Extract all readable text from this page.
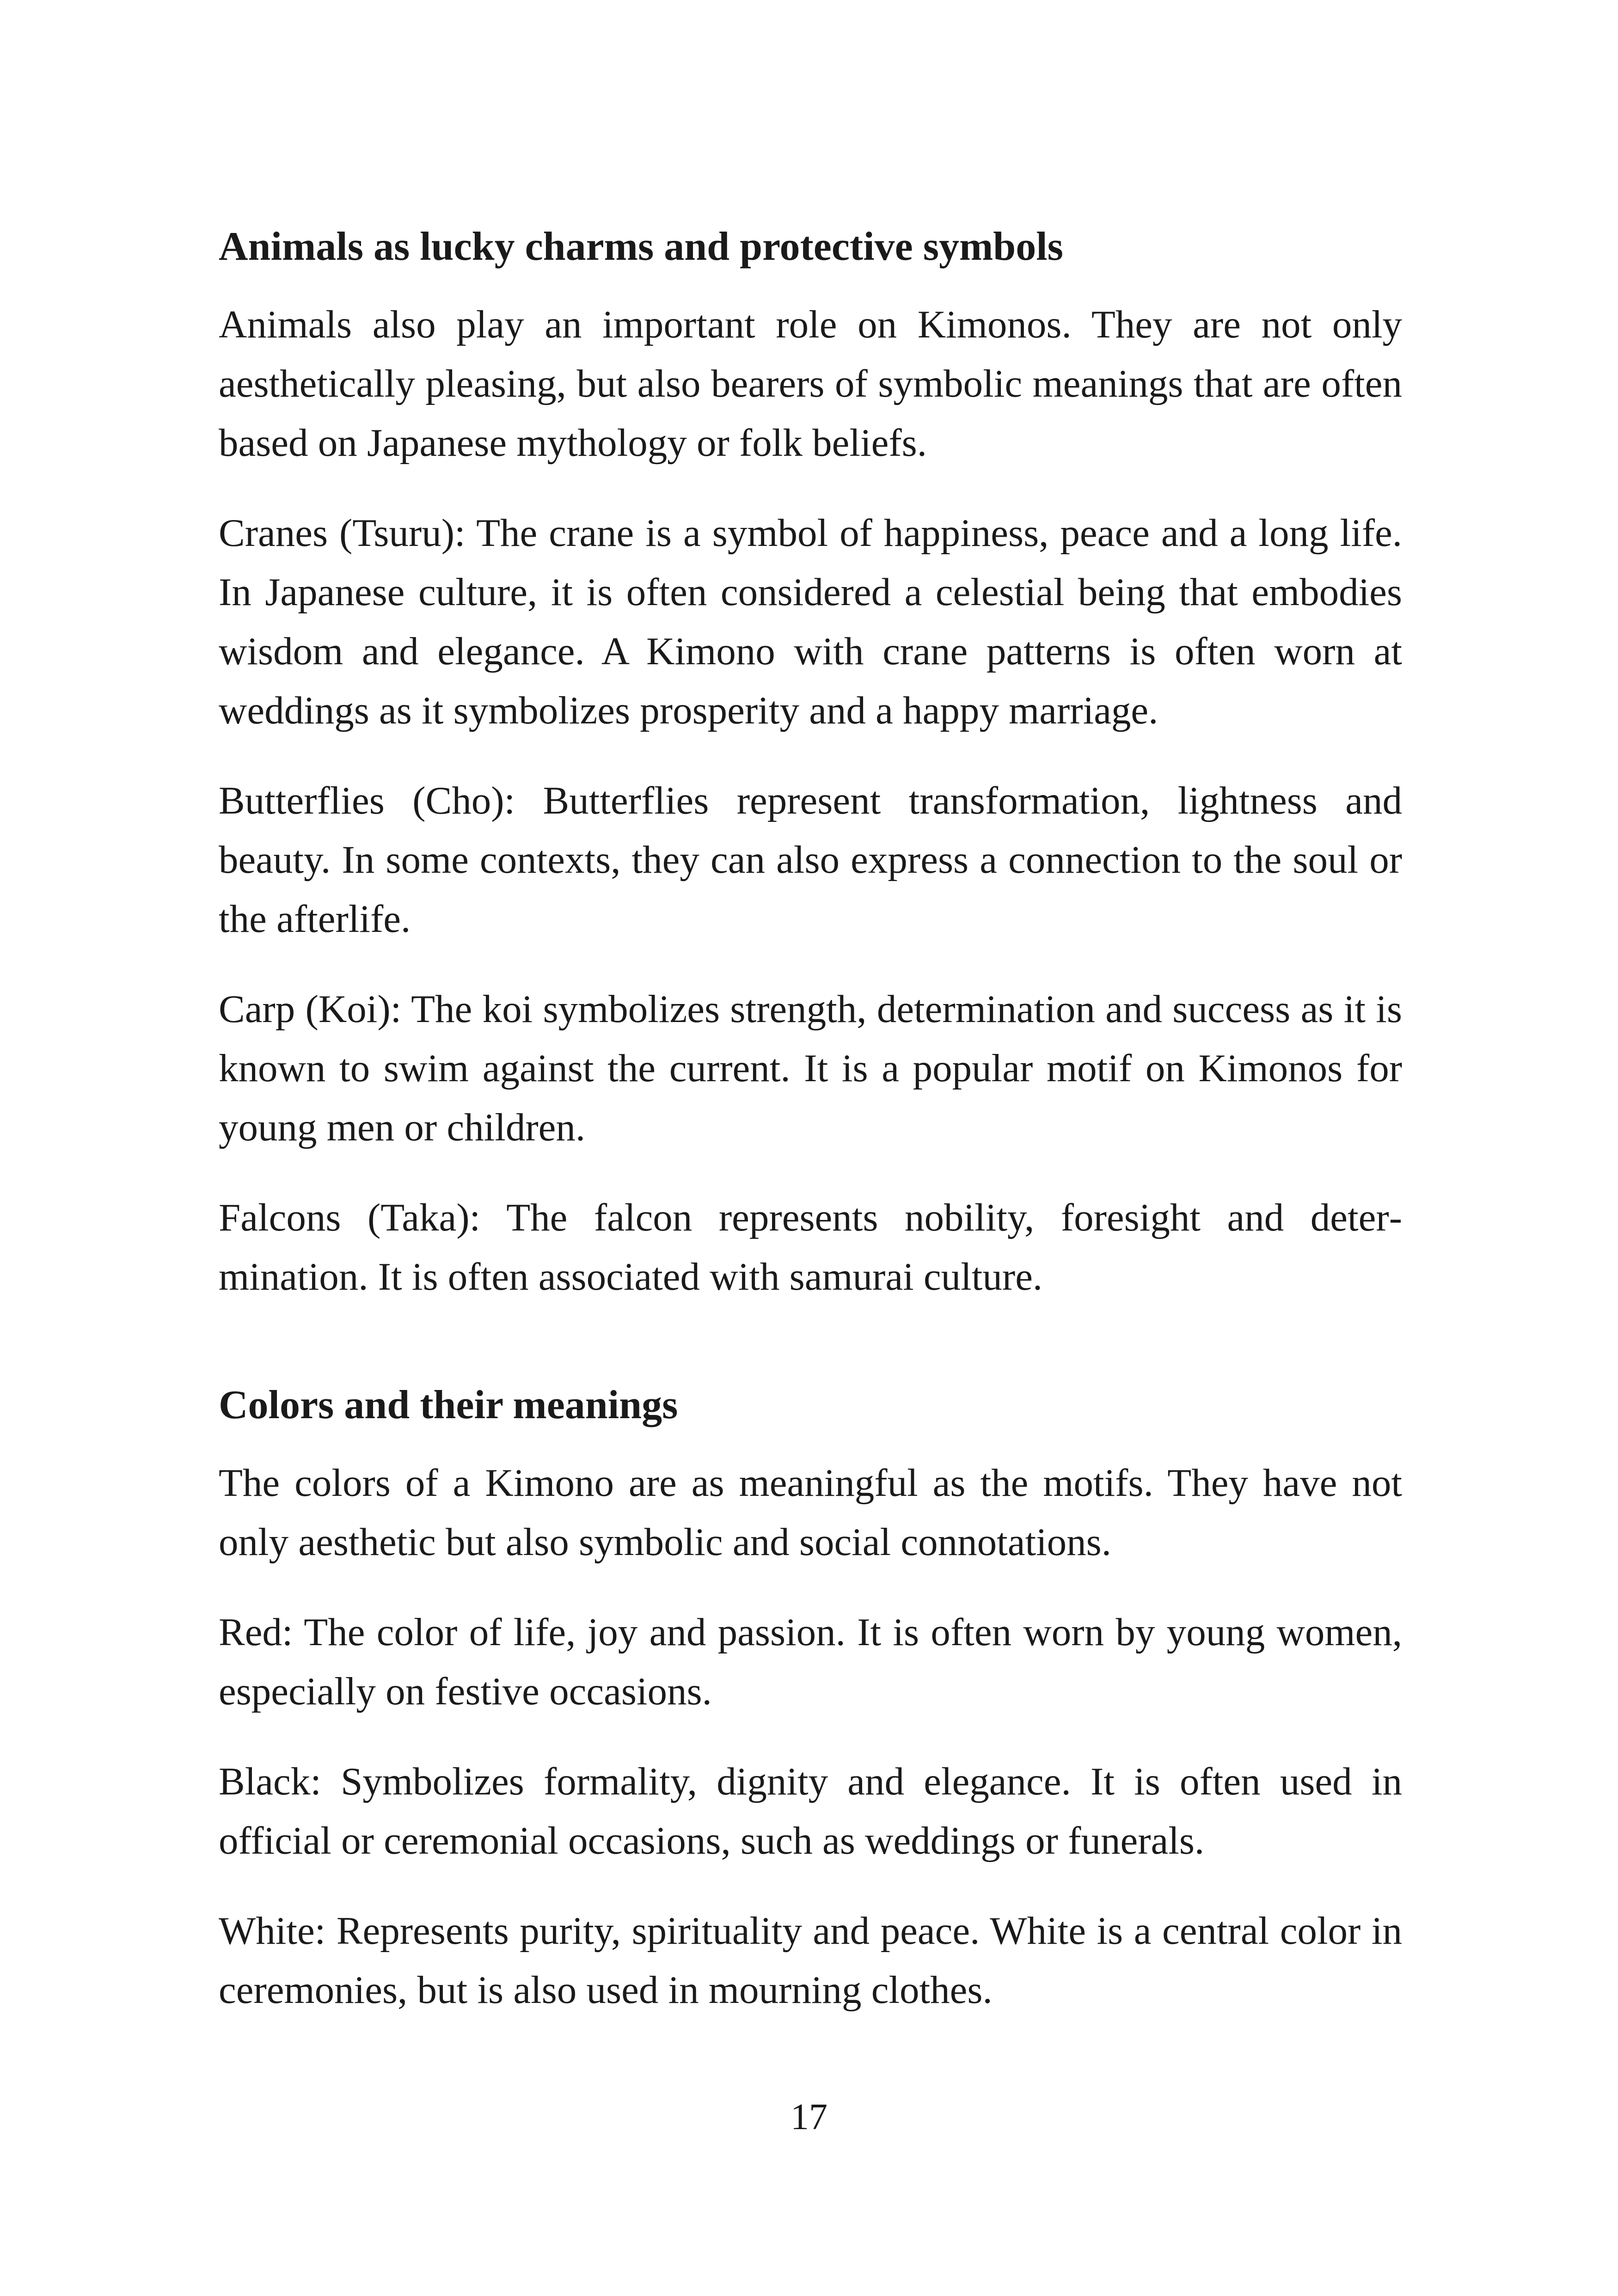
Animals as lucky charms and protective symbols

Animals also play an important role on Kimonos. They are not only aesthetically pleasing, but also bearers of symbolic meanings that are often based on Japanese mythology or folk beliefs.

Cranes (Tsuru): The crane is a symbol of happiness, peace and a long life. In Japanese culture, it is often considered a celestial being that embodies wisdom and elegance. A Kimono with crane patterns is often worn at weddings as it symbolizes prosperity and a happy marriage.

Butterflies (Cho): Butterflies represent transformation, lightness and beauty. In some contexts, they can also express a connection to the soul or the afterlife.

Carp (Koi): The koi symbolizes strength, determination and success as it is known to swim against the current. It is a popular motif on Kimonos for young men or children.

Falcons (Taka): The falcon represents nobility, foresight and determination. It is often associated with samurai culture.

Colors and their meanings

The colors of a Kimono are as meaningful as the motifs. They have not only aesthetic but also symbolic and social connotations.

Red: The color of life, joy and passion. It is often worn by young women, especially on festive occasions.

Black: Symbolizes formality, dignity and elegance. It is often used in official or ceremonial occasions, such as weddings or funerals.

White: Represents purity, spirituality and peace. White is a central color in ceremonies, but is also used in mourning clothes.

17
